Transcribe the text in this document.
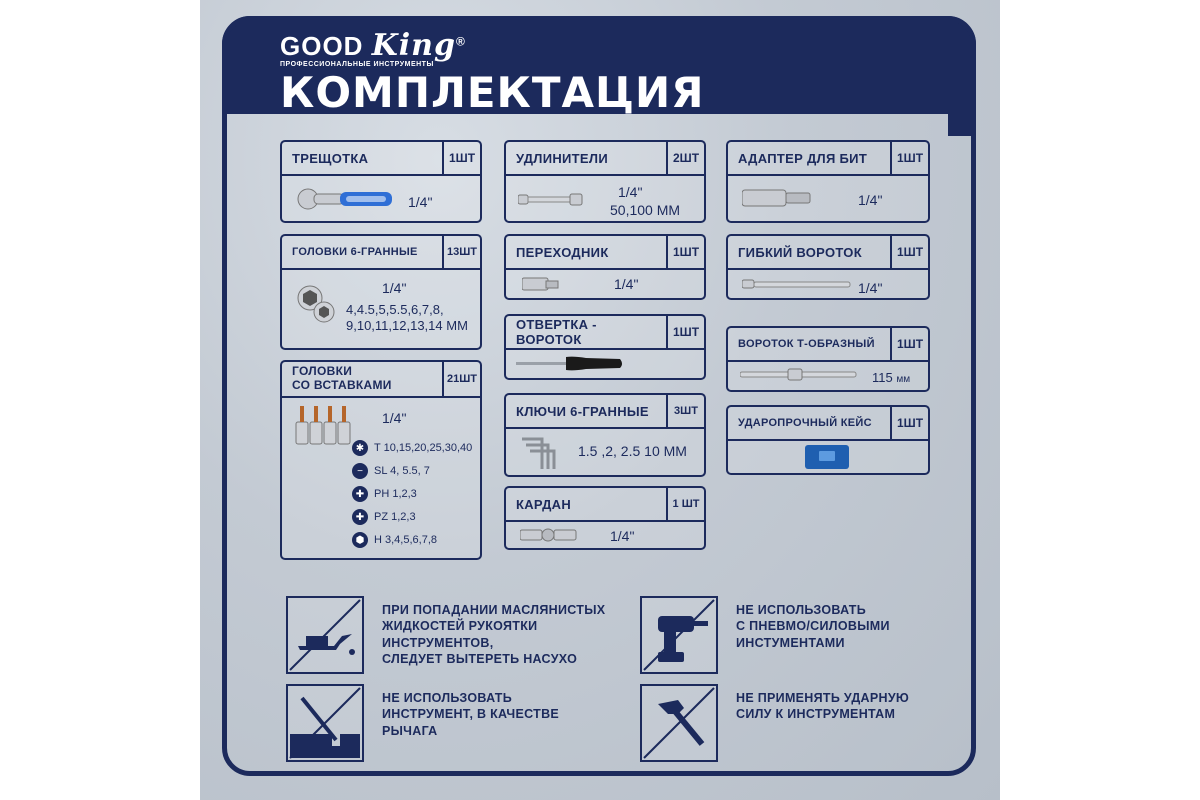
GOOD King®
ПРОФЕССИОНАЛЬНЫЕ ИНСТРУМЕНТЫ
КОМПЛЕКТАЦИЯ
ТРЕЩОТКА	1ШТ
1/4"
УДЛИНИТЕЛИ	2ШТ
1/4"
50,100 ММ
АДАПТЕР ДЛЯ БИТ	1ШТ
1/4"
ГОЛОВКИ 6-ГРАННЫЕ	13ШТ
1/4"
4,4.5,5,5.5,6,7,8,
9,10,11,12,13,14 ММ
ПЕРЕХОДНИК	1ШТ
1/4"
ГИБКИЙ ВОРОТОК	1ШТ
1/4"
ОТВЕРТКА - ВОРОТОК	1ШТ
ВОРОТОК Т-ОБРАЗНЫЙ	1ШТ
115 мм
ГОЛОВКИ
СО ВСТАВКАМИ	21ШТ
1/4"
✱ T 10,15,20,25,30,40
−	SL 4, 5.5, 7
✚ PH 1,2,3
✚ PZ 1,2,3
⬢ H 3,4,5,6,7,8
КЛЮЧИ 6-ГРАННЫЕ	3ШТ
1.5 ,2, 2.5 10 ММ
УДАРОПРОЧНЫЙ КЕЙС	1ШТ
КАРДАН	1 ШТ
1/4"
ПРИ ПОПАДАНИИ МАСЛЯНИСТЫХ
ЖИДКОСТЕЙ РУКОЯТКИ
ИНСТРУМЕНТОВ,
СЛЕДУЕТ ВЫТЕРЕТЬ НАСУХО
НЕ ИСПОЛЬЗОВАТЬ
С ПНЕВМО/СИЛОВЫМИ
ИНСТУМЕНТАМИ
НЕ ИСПОЛЬЗОВАТЬ
ИНСТРУМЕНТ, В КАЧЕСТВЕ
РЫЧАГА
НЕ ПРИМЕНЯТЬ УДАРНУЮ
СИЛУ К ИНСТРУМЕНТАМ
